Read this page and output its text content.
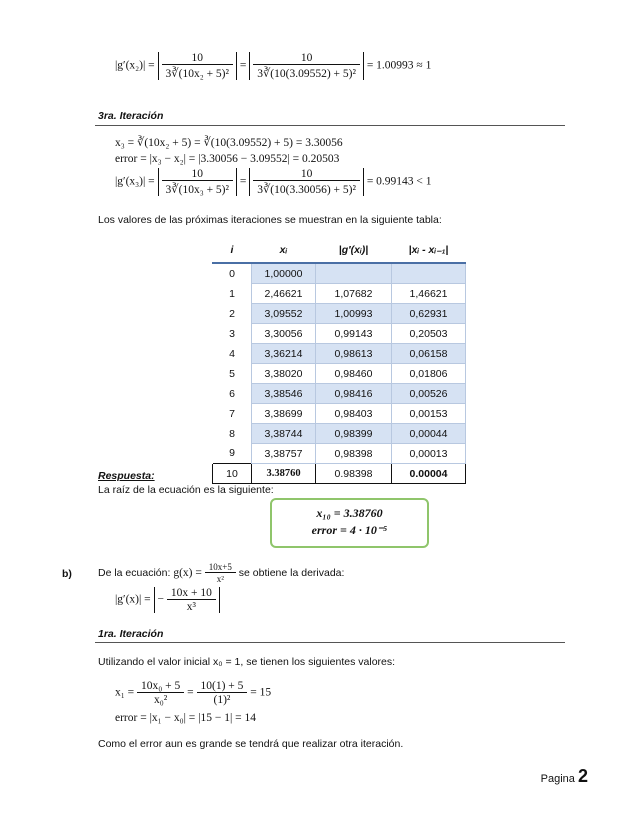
$|g'(x_2)| = \frac{10}{\text{3∛(10x₂ + 5)²}} = \frac{10}{\text{3∛(10(3.09552) + 5)²}} = 1.00993 \approx 1$
3ra. Iteración
x₃ = ∛(10x₂ + 5) = ∛(10(3.09552) + 5) = 3.30056
error = |x₃ − x₂| = |3.30056 − 3.09552| = 0.20503
$|g'(x_3)| = \frac{10}{\text{3∛(10x₃ + 5)²}} = \frac{10}{\text{3∛(10(3.30056) + 5)²}} = 0.99143 < 1$
Los valores de las próximas iteraciones se muestran en la siguiente tabla:
i	xᵢ	|g′(xᵢ)|	|xᵢ - xᵢ₋₁|
0	1,00000		
1	2,46621	1,07682	1,46621
2	3,09552	1,00993	0,62931
3	3,30056	0,99143	0,20503
4	3,36214	0,98613	0,06158
5	3,38020	0,98460	0,01806
6	3,38546	0,98416	0,00526
7	3,38699	0,98403	0,00153
8	3,38744	0,98399	0,00044
9	3,38757	0,98398	0,00013
10	3.38760	0.98398	0.00004
Respuesta:
La raíz de la ecuación es la siguiente:
x₁₀ = 3.38760
error = 4 · 10⁻⁵
b) De la ecuación: $g(x) = \frac{10x+5}{\text{x²}}$ se obtiene la derivada:
|g′(x)| = − $\frac{10x + 10}{\text{x³}}$
1ra. Iteración
Utilizando el valor inicial x₀ = 1, se tienen los siguientes valores:
$x_1 = \frac{\text{10x₀ + 5}}{\text{x₀²}} = \frac{10(1) + 5}{\text{(1)²}} = 15$
error = |x₁ − x₀| = |15 − 1| = 14
Como el error aun es grande se tendrá que realizar otra iteración.
Pagina 2
